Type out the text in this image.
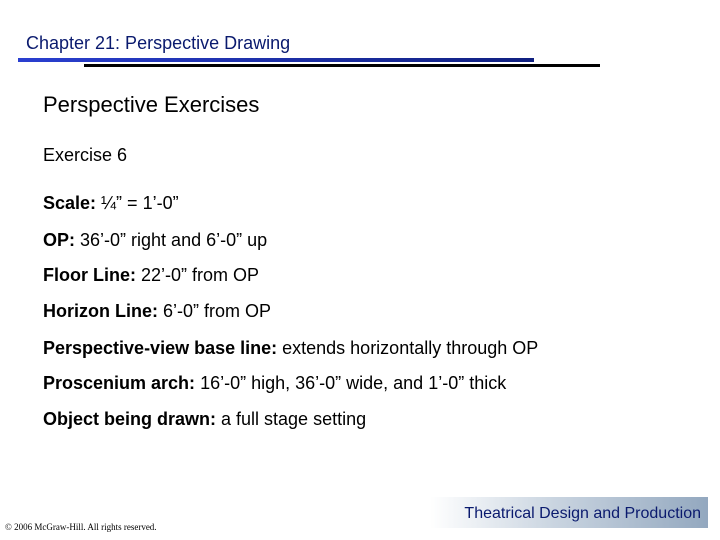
Chapter 21: Perspective Drawing
Perspective Exercises
Exercise 6
Scale: ¼” = 1’-0”
OP: 36’-0” right and 6’-0” up
Floor Line: 22’-0” from OP
Horizon Line: 6’-0” from OP
Perspective-view base line: extends horizontally through OP
Proscenium arch: 16’-0” high, 36’-0” wide, and 1’-0” thick
Object being drawn: a full stage setting
Theatrical Design and Production
© 2006 McGraw-Hill. All rights reserved.
